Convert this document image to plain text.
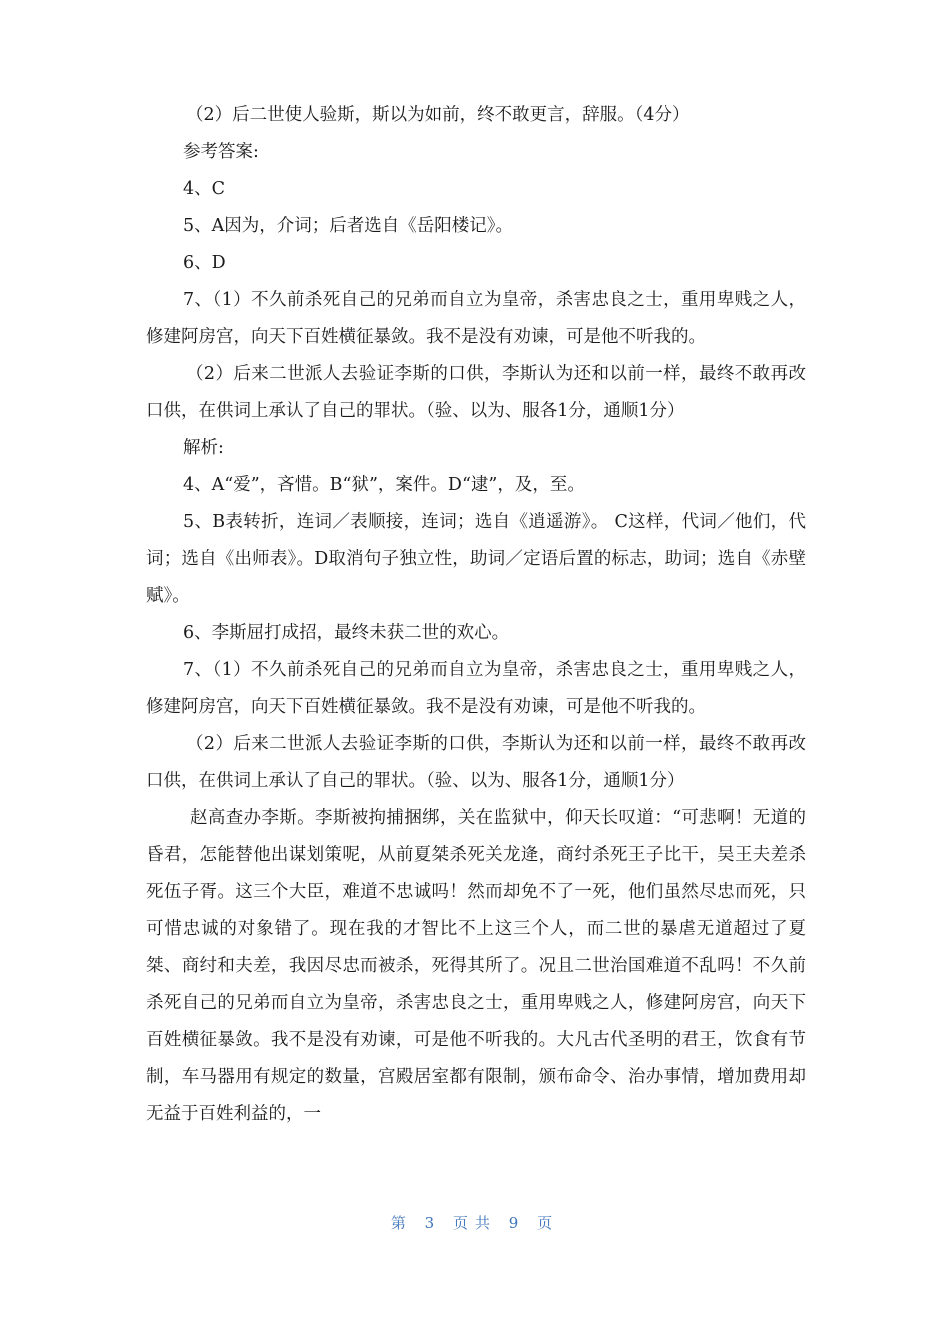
（2）后二世使人验斯，斯以为如前，终不敢更言，辞服。（4分）

参考答案:

4、C

5、A因为，介词；后者选自《岳阳楼记》。

6、D

7、（1）不久前杀死自己的兄弟而自立为皇帝，杀害忠良之士，重用卑贱之人，修建阿房宫，向天下百姓横征暴敛。我不是没有劝谏，可是他不听我的。

（2）后来二世派人去验证李斯的口供，李斯认为还和以前一样，最终不敢再改口供，在供词上承认了自己的罪状。（验、以为、服各1分，通顺1分）

解析:

4、A“爱”，吝惜。B“狱”，案件。D“逮”，及，至。

5、B表转折，连词／表顺接，连词；选自《逍遥游》。 C这样，代词／他们，代词；选自《出师表》。D取消句子独立性，助词／定语后置的标志，助词；选自《赤壁赋》。

6、李斯屈打成招，最终未获二世的欢心。

7、（1）不久前杀死自己的兄弟而自立为皇帝，杀害忠良之士，重用卑贱之人，修建阿房宫，向天下百姓横征暴敛。我不是没有劝谏，可是他不听我的。

（2）后来二世派人去验证李斯的口供，李斯认为还和以前一样，最终不敢再改口供，在供词上承认了自己的罪状。（验、以为、服各1分，通顺1分）

赵高查办李斯。李斯被拘捕捆绑，关在监狱中，仰天长叹道：“可悲啊！无道的昏君，怎能替他出谋划策呢，从前夏桀杀死关龙逄，商纣杀死王子比干，吴王夫差杀死伍子胥。这三个大臣，难道不忠诚吗！然而却免不了一死，他们虽然尽忠而死，只可惜忠诚的对象错了。现在我的才智比不上这三个人，而二世的暴虐无道超过了夏桀、商纣和夫差，我因尽忠而被杀，死得其所了。况且二世治国难道不乱吗！不久前杀死自己的兄弟而自立为皇帝，杀害忠良之士，重用卑贱之人，修建阿房宫，向天下百姓横征暴敛。我不是没有劝谏，可是他不听我的。大凡古代圣明的君王，饮食有节制，车马器用有规定的数量，宫殿居室都有限制，颁布命令、治办事情，增加费用却无益于百姓利益的，一

第 3 页共 9 页
